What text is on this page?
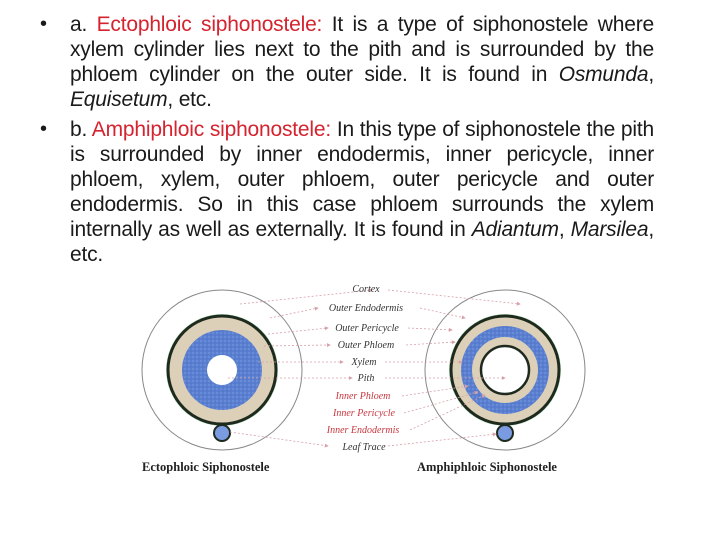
• a. Ectophloic siphonostele: It is a type of siphonostele where xylem cylinder lies next to the pith and is surrounded by the phloem cylinder on the outer side. It is found in Osmunda, Equisetum, etc.
• b. Amphiphloic siphonostele: In this type of siphonostele the pith is surrounded by inner endodermis, inner pericycle, inner phloem, xylem, outer phloem, outer pericycle and outer endodermis. So in this case phloem surrounds the xylem internally as well as externally. It is found in Adiantum, Marsilea, etc.
Cortex
Outer Endodermis
Outer Pericycle
Outer Phloem
Xylem
Pith
Inner Phloem
Inner Pericycle
Inner Endodermis
Leaf Trace
Ectophloic Siphonostele	Amphiphloic Siphonostele
